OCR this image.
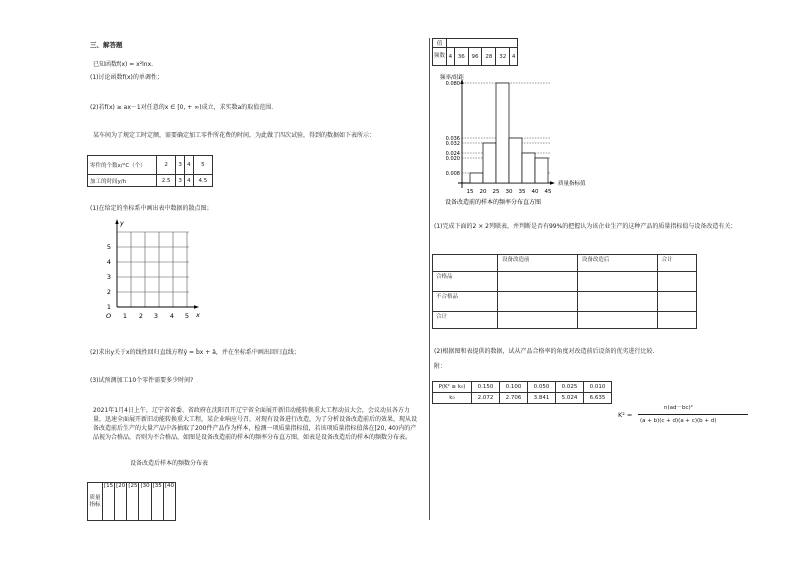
三、解答题
已知函数f(x) = x²lnx.
(1)讨论函数f(x)的单调性；
(2)若f(x) ≥ ax－1对任意的x ∈ [0, + ∞)成立，求实数a的取值范围.
某车间为了规定工时定额，需要确定加工零件所花费的时间，为此做了四次试验，得到的数据如下表所示：
零件的个数x/°C（个）	2	3	4	5
加工的时间y/h	2.5	3	4	4.5
(1)在给定的坐标系中画出表中数据的散点图；
y
x
O
1
2
3
4
5
1 2 3 4 5
(2)求出y关于x的线性回归直线方程ŷ = b̂x + â，并在坐标系中画出回归直线；
(3)试预测加工10个零件需要多少时间?
2021年1月4日上午，辽宁省省委、省政府在沈阳召开辽宁省全面展开新旧动能转换重大工程动员大会，会议动员各方力量，迅速全面展开新旧动能转换重大工程，某企业响应号召，对现有设备进行改造，为了分析设备改造前后的效果，现从设备改造前后生产的大量产品中各抽取了200件产品作为样本，检测一项质量指标值，若该项质量指标值落在[20, 40)内的产品视为合格品，否则为不合格品，如图是设备改造前的样本的频率分布直方图，如表是设备改造后的样本的频数分布表。
设备改造后样本的频数分布表
质量指标	[15	[20	[25	[30	[35	[40
值						
频数	4	36	96	28	32	4
频率/组距
质量指标值
设备改造前的样本的频率分布直方图
0.008
0.020
0.024
0.032
0.036
0.080
15 20 25 30 35 40 45
(1)完成下面的2 × 2列联表，并判断是否有99%的把握认为该企业生产的这种产品的质量指标值与设备改造有关；
	设备改造前	设备改造后	合计
合格品			
不合格品			
合计			
(2)根据图和表提供的数据，试从产品合格率的角度对改造前后设备的优劣进行比较.
附：
P(K² ≥ k₀)	0.150	0.100	0.050	0.025	0.010
k₀	2.072	2.706	3.841	5.024	6.635
K² =
n(ad－bc)²
(a + b)(c + d)(a + c)(b + d)
